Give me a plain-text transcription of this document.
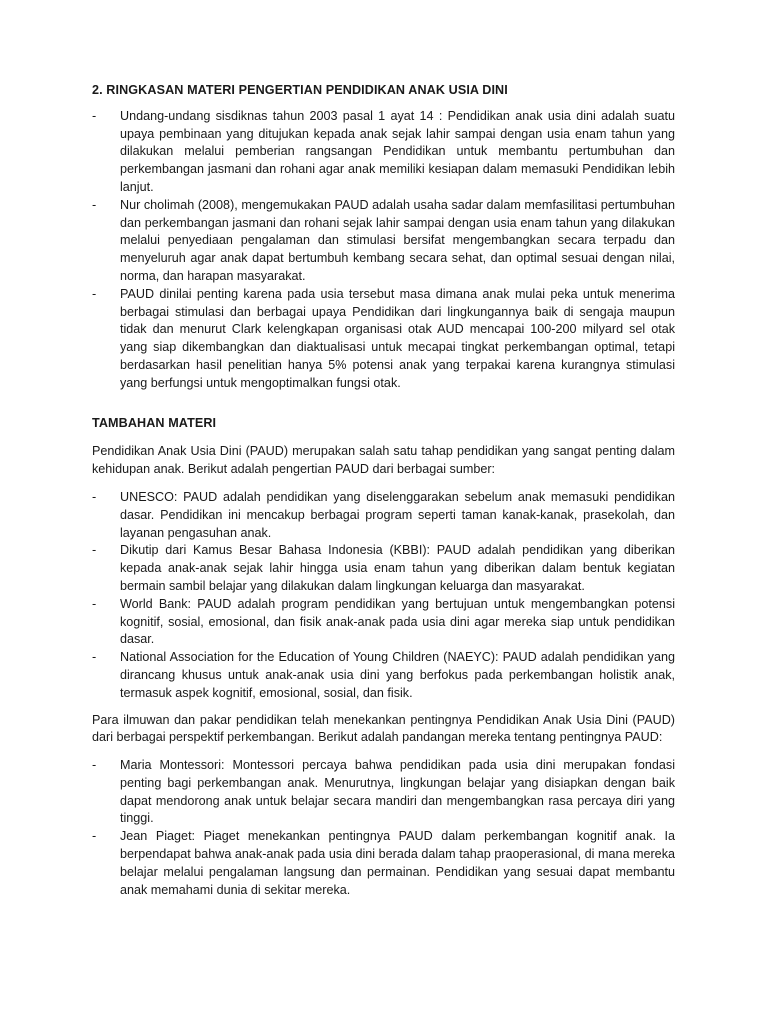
2. RINGKASAN MATERI PENGERTIAN PENDIDIKAN ANAK USIA DINI
- Undang-undang sisdiknas tahun 2003 pasal 1 ayat 14 : Pendidikan anak usia dini adalah suatu upaya pembinaan yang ditujukan kepada anak sejak lahir sampai dengan usia enam tahun yang dilakukan melalui pemberian rangsangan Pendidikan untuk membantu pertumbuhan dan perkembangan jasmani dan rohani agar anak memiliki kesiapan dalam memasuki Pendidikan lebih lanjut.
- Nur cholimah (2008), mengemukakan PAUD adalah usaha sadar dalam memfasilitasi pertumbuhan dan perkembangan jasmani dan rohani sejak lahir sampai dengan usia enam tahun yang dilakukan melalui penyediaan pengalaman dan stimulasi bersifat mengembangkan secara terpadu dan menyeluruh agar anak dapat bertumbuh kembang secara sehat, dan optimal sesuai dengan nilai, norma, dan harapan masyarakat.
- PAUD dinilai penting karena pada usia tersebut masa dimana anak mulai peka untuk menerima berbagai stimulasi dan berbagai upaya Pendidikan dari lingkungannya baik di sengaja maupun tidak dan menurut Clark kelengkapan organisasi otak AUD mencapai 100-200 milyard sel otak yang siap dikembangkan dan diaktualisasi untuk mecapai tingkat perkembangan optimal, tetapi berdasarkan hasil penelitian hanya 5% potensi anak yang terpakai karena kurangnya stimulasi yang berfungsi untuk mengoptimalkan fungsi otak.
TAMBAHAN MATERI

Pendidikan Anak Usia Dini (PAUD) merupakan salah satu tahap pendidikan yang sangat penting dalam kehidupan anak. Berikut adalah pengertian PAUD dari berbagai sumber:

- UNESCO: PAUD adalah pendidikan yang diselenggarakan sebelum anak memasuki pendidikan dasar. Pendidikan ini mencakup berbagai program seperti taman kanak-kanak, prasekolah, dan layanan pengasuhan anak.
- Dikutip dari Kamus Besar Bahasa Indonesia (KBBI): PAUD adalah pendidikan yang diberikan kepada anak-anak sejak lahir hingga usia enam tahun yang diberikan dalam bentuk kegiatan bermain sambil belajar yang dilakukan dalam lingkungan keluarga dan masyarakat.
- World Bank: PAUD adalah program pendidikan yang bertujuan untuk mengembangkan potensi kognitif, sosial, emosional, dan fisik anak-anak pada usia dini agar mereka siap untuk pendidikan dasar.
- National Association for the Education of Young Children (NAEYC): PAUD adalah pendidikan yang dirancang khusus untuk anak-anak usia dini yang berfokus pada perkembangan holistik anak, termasuk aspek kognitif, emosional, sosial, dan fisik.

Para ilmuwan dan pakar pendidikan telah menekankan pentingnya Pendidikan Anak Usia Dini (PAUD) dari berbagai perspektif perkembangan. Berikut adalah pandangan mereka tentang pentingnya PAUD:

- Maria Montessori: Montessori percaya bahwa pendidikan pada usia dini merupakan fondasi penting bagi perkembangan anak. Menurutnya, lingkungan belajar yang disiapkan dengan baik dapat mendorong anak untuk belajar secara mandiri dan mengembangkan rasa percaya diri yang tinggi.
- Jean Piaget: Piaget menekankan pentingnya PAUD dalam perkembangan kognitif anak. Ia berpendapat bahwa anak-anak pada usia dini berada dalam tahap praoperasional, di mana mereka belajar melalui pengalaman langsung dan permainan. Pendidikan yang sesuai dapat membantu anak memahami dunia di sekitar mereka.
